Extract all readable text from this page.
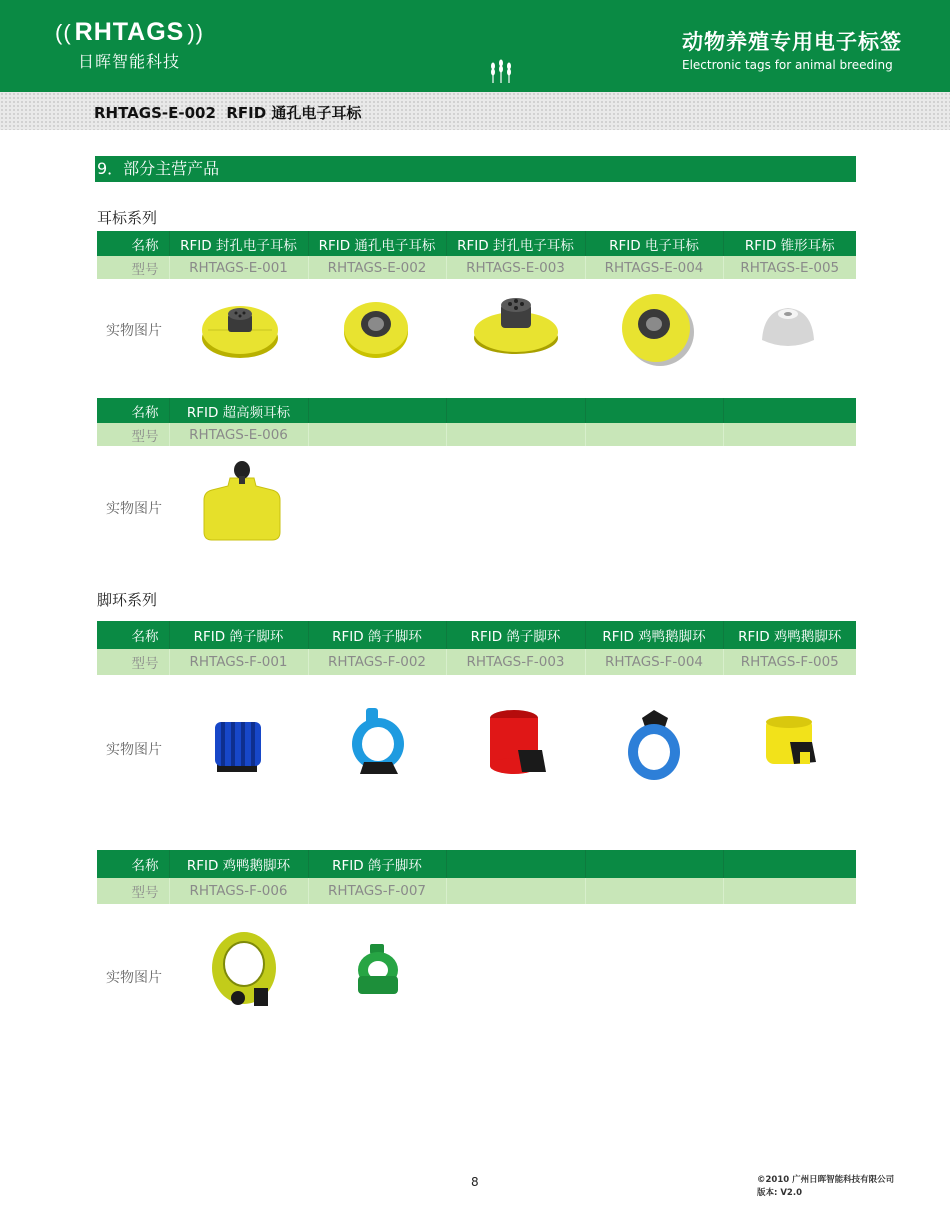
(( RHTAGS ))
日晖智能科技
动物养殖专用电子标签
Electronic tags for animal breeding
RHTAGS-E-002  RFID 通孔电子耳标
9．部分主营产品
耳标系列
名称	RFID 封孔电子耳标	RFID 通孔电子耳标	RFID 封孔电子耳标	RFID 电子耳标	RFID 锥形耳标
型号	RHTAGS-E-001	RHTAGS-E-002	RHTAGS-E-003	RHTAGS-E-004	RHTAGS-E-005
实物图片
名称	RFID 超高频耳标				
型号	RHTAGS-E-006				
实物图片
脚环系列
名称	RFID 鸽子脚环	RFID 鸽子脚环	RFID 鸽子脚环	RFID 鸡鸭鹅脚环	RFID 鸡鸭鹅脚环
型号	RHTAGS-F-001	RHTAGS-F-002	RHTAGS-F-003	RHTAGS-F-004	RHTAGS-F-005
实物图片
名称	RFID 鸡鸭鹅脚环	RFID 鸽子脚环			
型号	RHTAGS-F-006	RHTAGS-F-007			
实物图片
8	©2010 广州日晖智能科技有限公司
版本: V2.0
